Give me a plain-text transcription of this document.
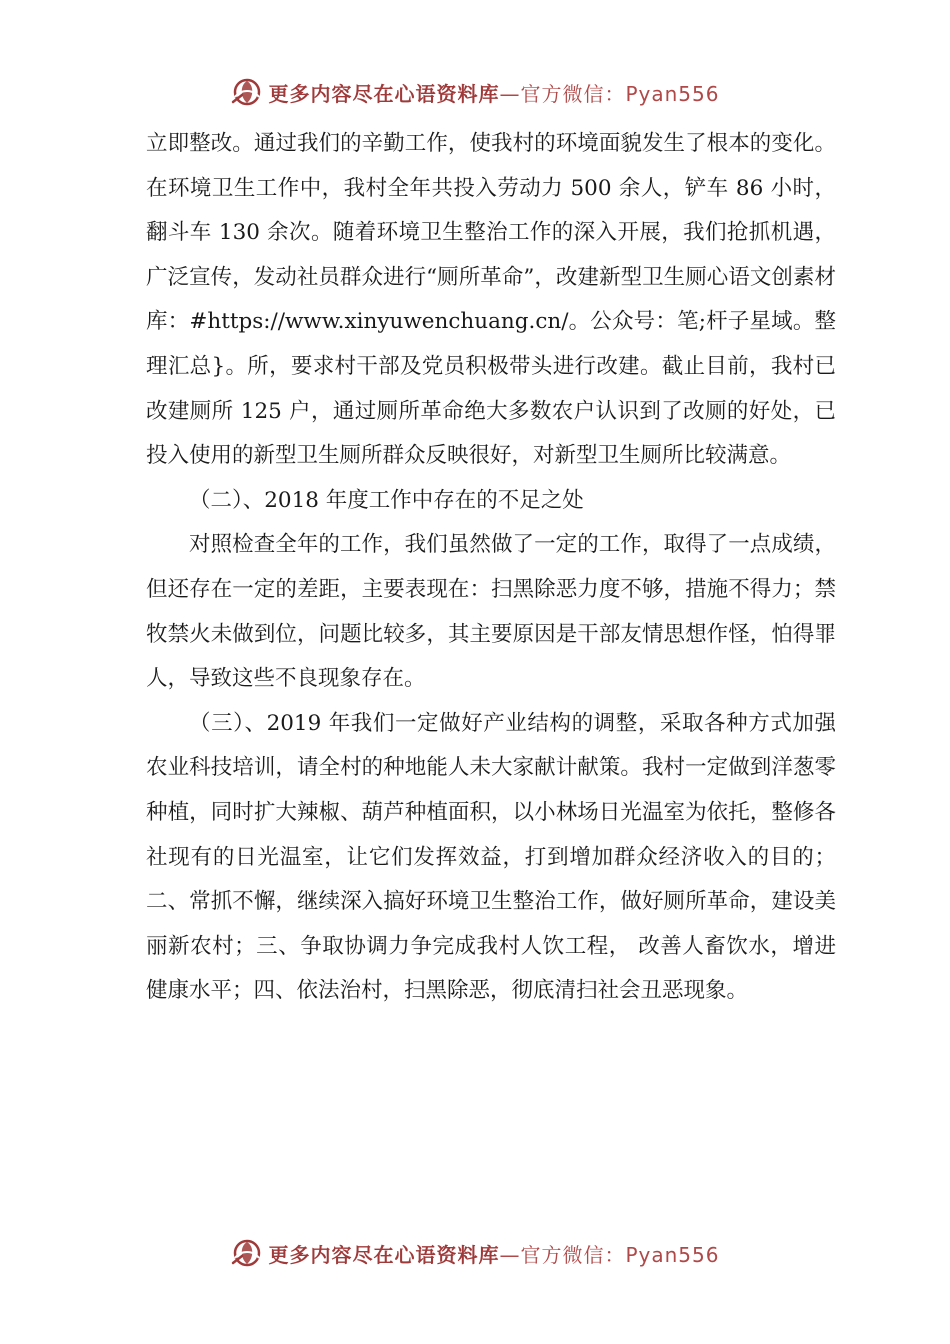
更多内容尽在心语资料库—官方微信：Pyan556

立即整改。通过我们的辛勤工作，使我村的环境面貌发生了根本的变化。在环境卫生工作中，我村全年共投入劳动力 500 余人，铲车 86 小时，翻斗车 130 余次。随着环境卫生整治工作的深入开展，我们抢抓机遇，广泛宣传，发动社员群众进行“厕所革命”，改建新型卫生厕心语文创素材库：#https://www.xinyuwenchuang.cn/。公众号：笔;杆子星域。整理汇总}。所，要求村干部及党员积极带头进行改建。截止目前，我村已改建厕所 125 户，通过厕所革命绝大多数农户认识到了改厕的好处，已投入使用的新型卫生厕所群众反映很好，对新型卫生厕所比较满意。

（二）、2018 年度工作中存在的不足之处

对照检查全年的工作，我们虽然做了一定的工作，取得了一点成绩，但还存在一定的差距，主要表现在：扫黑除恶力度不够，措施不得力；禁牧禁火未做到位，问题比较多，其主要原因是干部友情思想作怪，怕得罪人，导致这些不良现象存在。

（三）、2019 年我们一定做好产业结构的调整，采取各种方式加强农业科技培训，请全村的种地能人未大家献计献策。我村一定做到洋葱零种植，同时扩大辣椒、葫芦种植面积，以小林场日光温室为依托，整修各社现有的日光温室，让它们发挥效益，打到增加群众经济收入的目的；二、常抓不懈，继续深入搞好环境卫生整治工作，做好厕所革命，建设美丽新农村；三、争取协调力争完成我村人饮工程， 改善人畜饮水，增进健康水平；四、依法治村，扫黑除恶，彻底清扫社会丑恶现象。

更多内容尽在心语资料库—官方微信：Pyan556
